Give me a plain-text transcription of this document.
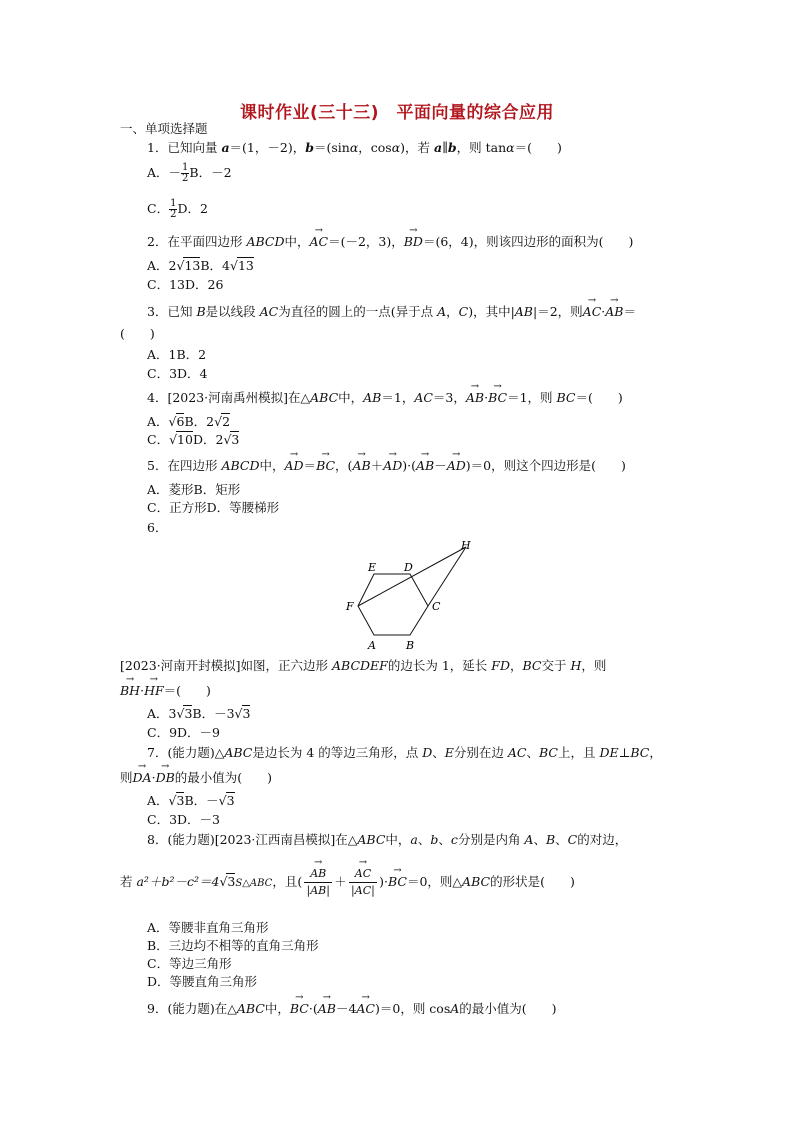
课时作业(三十三)　平面向量的综合应用
一、单项选择题
1．已知向量 a＝(1，－2)，b＝(sinα，cosα)，若 a∥b，则 tanα＝(　　)
A．－ $\frac{1}{2}$ B．－2
C． $\frac{1}{2}$ D．2
2．在平面四边形 ABCD中，→ AC＝(－2，3)，→ BD＝(6，4)，则该四边形的面积为(　　)
A．2√13B．4√13
C．13D．26
3．已知 B是以线段 AC为直径的圆上的一点(异于点 A，C)，其中|AB|＝2，则→ AC·→ AB＝
(　　)
A．1B．2
C．3D．4
4．[2023·河南禹州模拟]在△ABC中，AB＝1，AC＝3，→ AB·→ BC＝1，则 BC＝(　　)
A．√6B．2√2
C．√10D．2√3
5．在四边形 ABCD中，→ AD＝→ BC，(→ AB＋→ AD)·(→ AB－→ AD)＝0，则这个四边形是(　　)
A．菱形B．矩形
C．正方形D．等腰梯形
6．
E	D
H
F	C
A	B
[2023·河南开封模拟]如图，正六边形 ABCDEF的边长为 1，延长 FD，BC交于 H，则
→ BH·→ HF＝(　　)
A．3√3B．－3√3
C．9D．－9
7．(能力题)△ABC是边长为 4 的等边三角形，点 D、E分别在边 AC、BC上，且 DE⊥BC，
则→ DA·→ DB的最小值为(　　)
A．√3B．－√3
C．3D．－3
8．(能力题)[2023·江西南昌模拟]在△ABC中，a、b、c分别是内角 A、B、C的对边，
若 a²＋b²－c²＝4√3S△ABC，且( → $\frac{AB}{|AB|}$ ＋ → $\frac{AC}{|AC|}$ )·→ BC＝0，则△ABC的形状是(　　)
A．等腰非直角三角形
B．三边均不相等的直角三角形
C．等边三角形
D．等腰直角三角形
9．(能力题)在△ABC中，→ BC·(→ AB－4→ AC)＝0，则 cosA的最小值为(　　)
